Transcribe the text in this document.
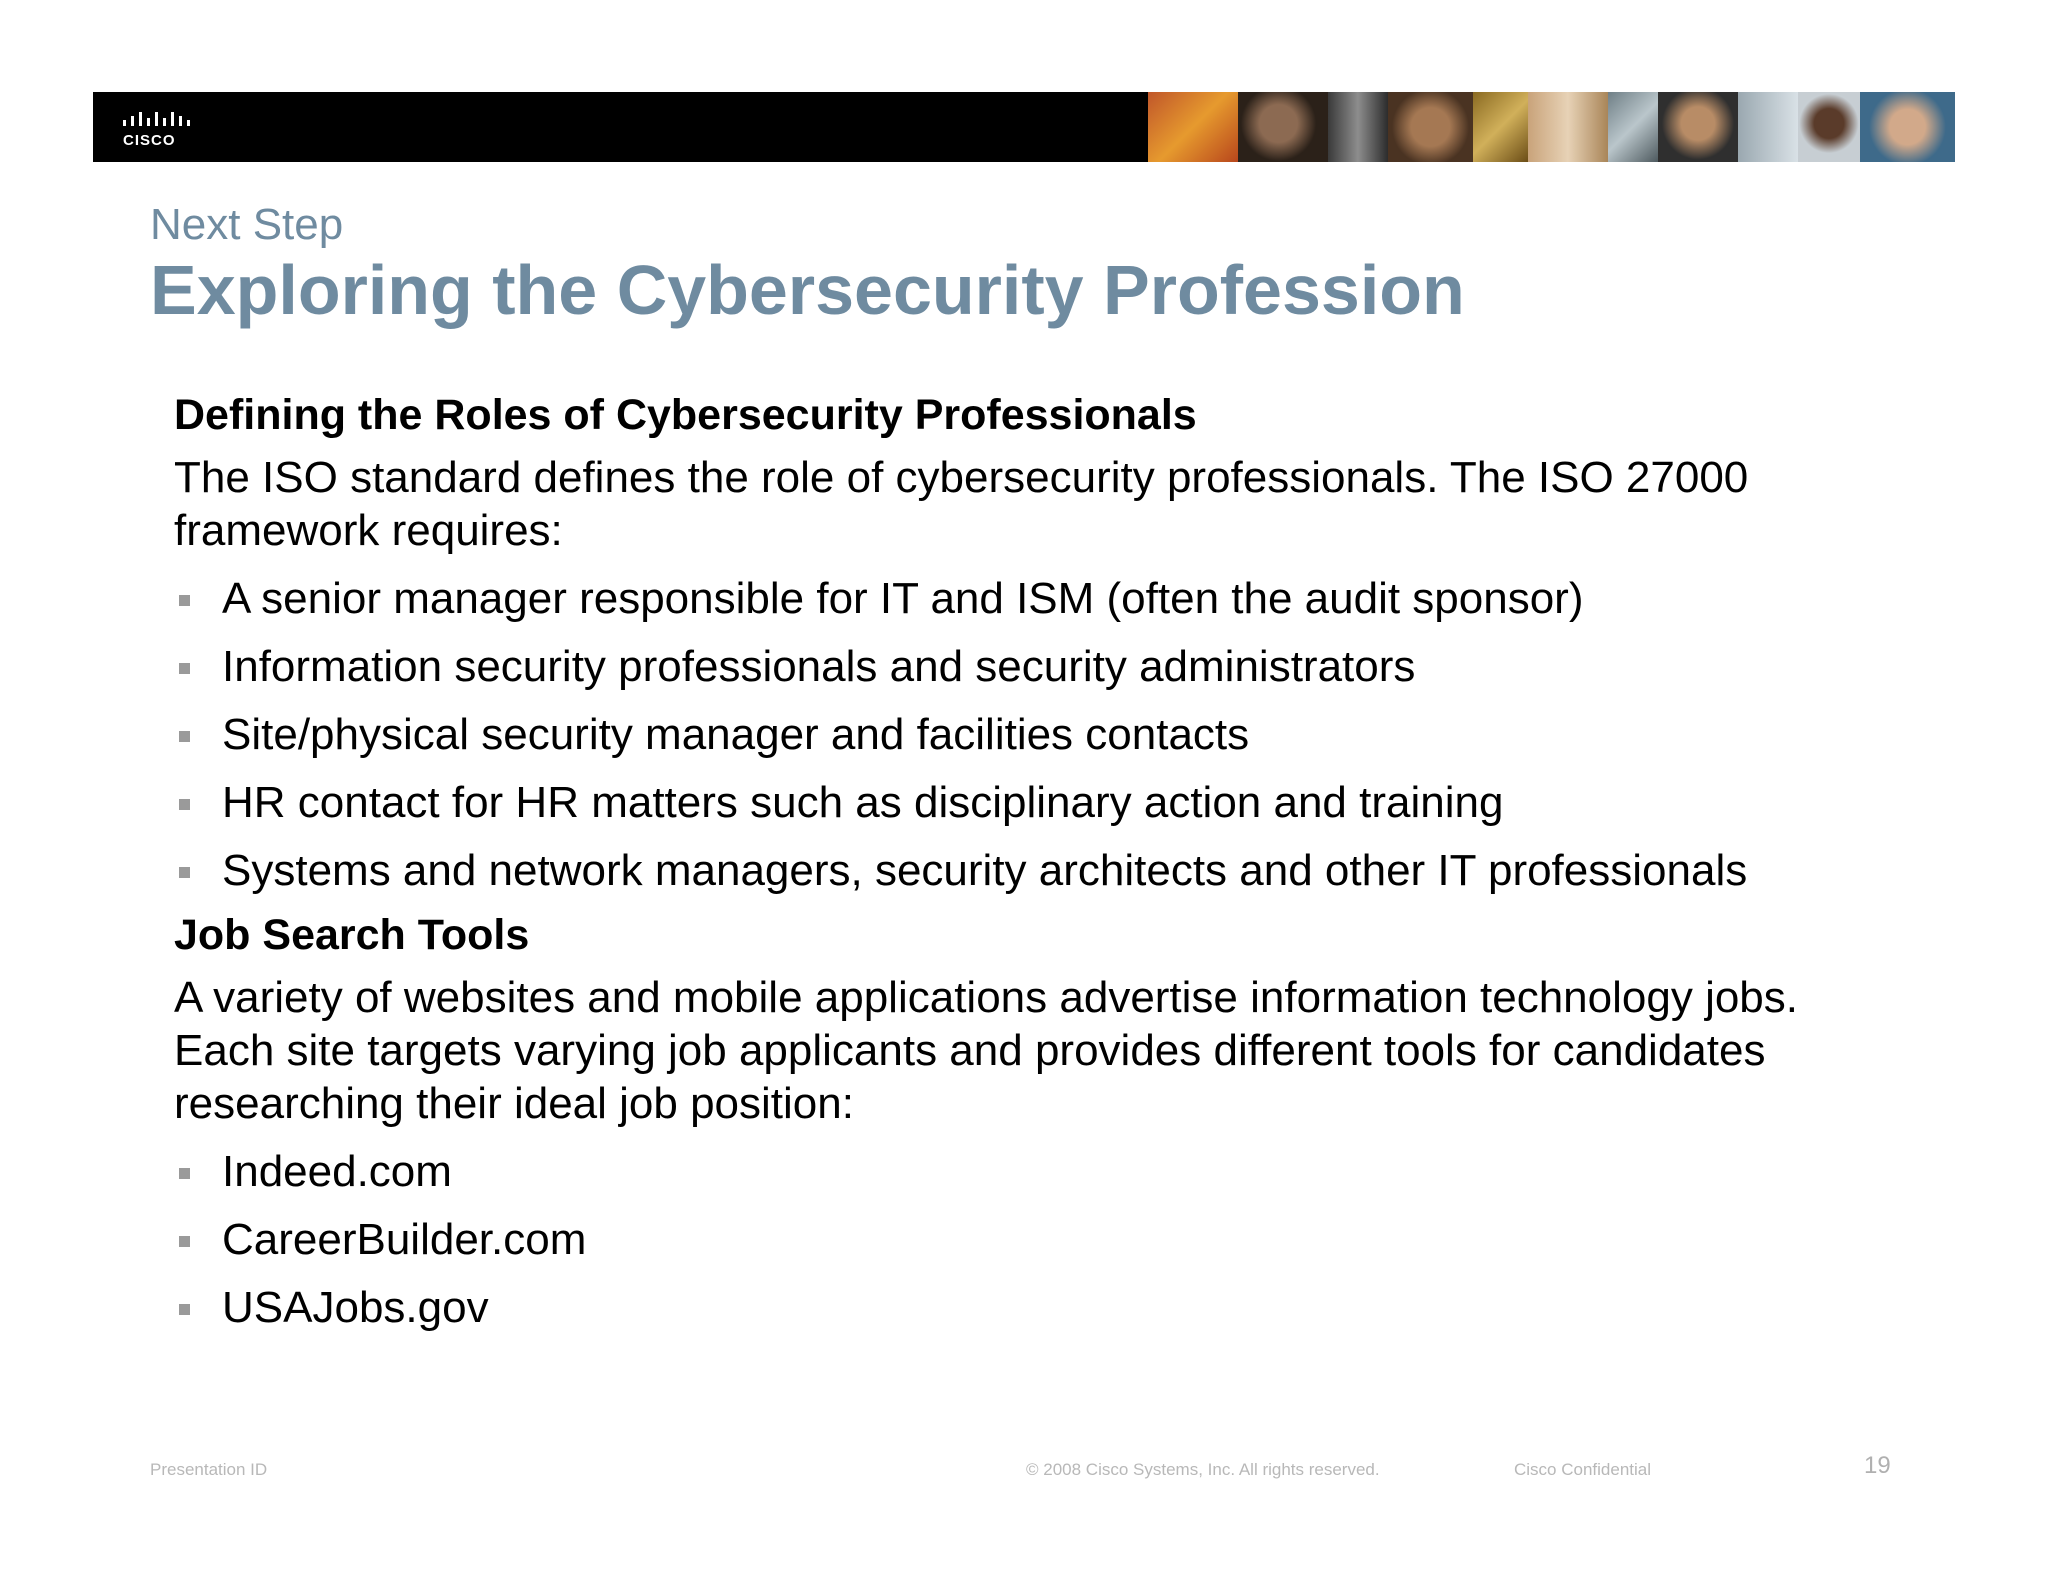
CISCO
Next Step
Exploring the Cybersecurity Profession
Defining the Roles of Cybersecurity Professionals

The ISO standard defines the role of cybersecurity professionals. The ISO 27000 framework requires:

A senior manager responsible for IT and ISM (often the audit sponsor)
Information security professionals and security administrators
Site/physical security manager and facilities contacts
HR contact for HR matters such as disciplinary action and training
Systems and network managers, security architects and other IT professionals
Job Search Tools

A variety of websites and mobile applications advertise information technology jobs. Each site targets varying job applicants and provides different tools for candidates researching their ideal job position:

Indeed.com
CareerBuilder.com
USAJobs.gov
Presentation ID	© 2008 Cisco Systems, Inc. All rights reserved.	Cisco Confidential	19
